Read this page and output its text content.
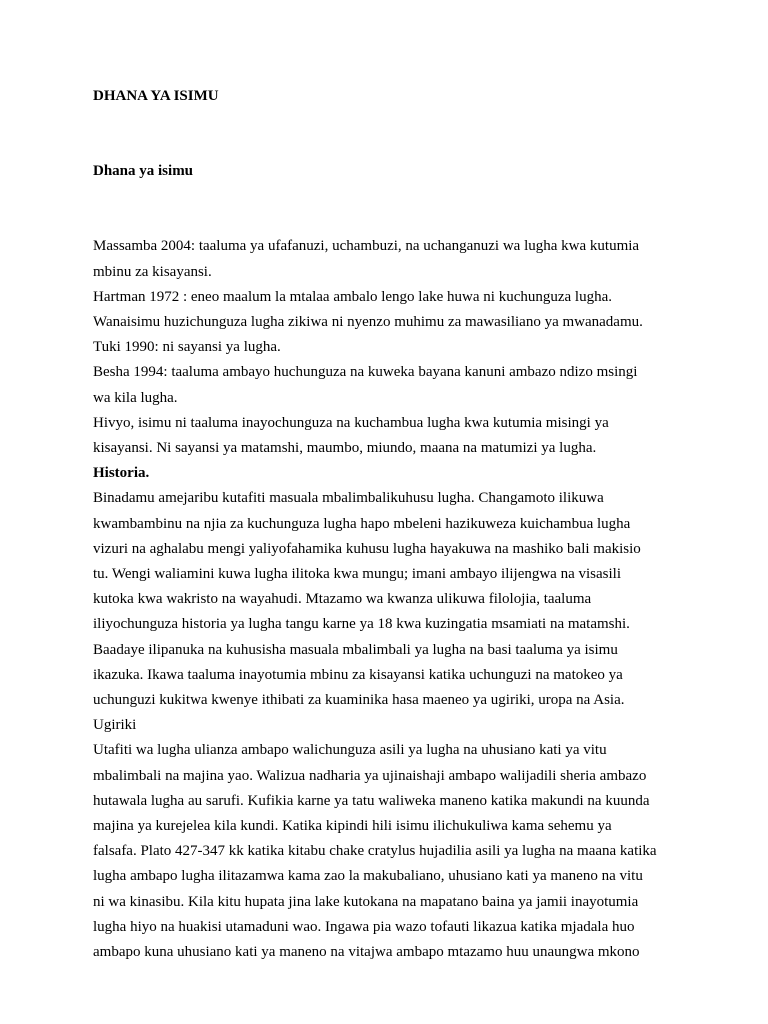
DHANA YA ISIMU

Dhana ya isimu

Massamba 2004: taaluma ya ufafanuzi, uchambuzi, na uchanganuzi wa lugha kwa kutumia
mbinu za kisayansi.
Hartman 1972 : eneo maalum la mtalaa ambalo lengo lake huwa ni kuchunguza lugha.
Wanaisimu huzichunguza lugha zikiwa ni nyenzo muhimu za mawasiliano ya mwanadamu.
Tuki 1990: ni sayansi ya lugha.
Besha 1994: taaluma ambayo huchunguza na kuweka bayana kanuni ambazo ndizo msingi
wa kila lugha.
Hivyo, isimu ni taaluma inayochunguza na kuchambua lugha kwa kutumia misingi ya
kisayansi. Ni sayansi ya matamshi, maumbo, miundo, maana na matumizi ya lugha.
Historia.
Binadamu amejaribu kutafiti masuala mbalimbalikuhusu lugha. Changamoto ilikuwa
kwambambinu na njia za kuchunguza lugha hapo mbeleni hazikuweza kuichambua lugha
vizuri na aghalabu mengi yaliyofahamika kuhusu lugha hayakuwa na mashiko bali makisio
tu. Wengi waliamini kuwa lugha ilitoka kwa mungu; imani ambayo ilijengwa na visasili
kutoka kwa wakristo na wayahudi. Mtazamo wa kwanza ulikuwa filolojia, taaluma
iliyochunguza historia ya lugha tangu karne ya 18 kwa kuzingatia msamiati na matamshi.
Baadaye ilipanuka na kuhusisha masuala mbalimbali ya lugha na basi taaluma ya isimu
ikazuka. Ikawa taaluma inayotumia mbinu za kisayansi katika uchunguzi na matokeo ya
uchunguzi kukitwa kwenye ithibati za kuaminika hasa maeneo ya ugiriki, uropa na Asia.
Ugiriki
Utafiti wa lugha ulianza ambapo walichunguza asili ya lugha na uhusiano kati ya vitu
mbalimbali na majina yao. Walizua nadharia ya ujinaishaji ambapo walijadili sheria ambazo
hutawala lugha au sarufi. Kufikia karne ya tatu waliweka maneno katika makundi na kuunda
majina ya kurejelea kila kundi. Katika kipindi hili isimu ilichukuliwa kama sehemu ya
falsafa. Plato 427-347 kk katika kitabu chake cratylus hujadilia asili ya lugha na maana katika
lugha ambapo lugha ilitazamwa kama zao la makubaliano, uhusiano kati ya maneno na vitu
ni wa kinasibu. Kila kitu hupata jina lake kutokana na mapatano baina ya jamii inayotumia
lugha hiyo na huakisi utamaduni wao. Ingawa pia wazo tofauti likazua katika mjadala huo
ambapo kuna uhusiano kati ya maneno na vitajwa ambapo mtazamo huu unaungwa mkono
